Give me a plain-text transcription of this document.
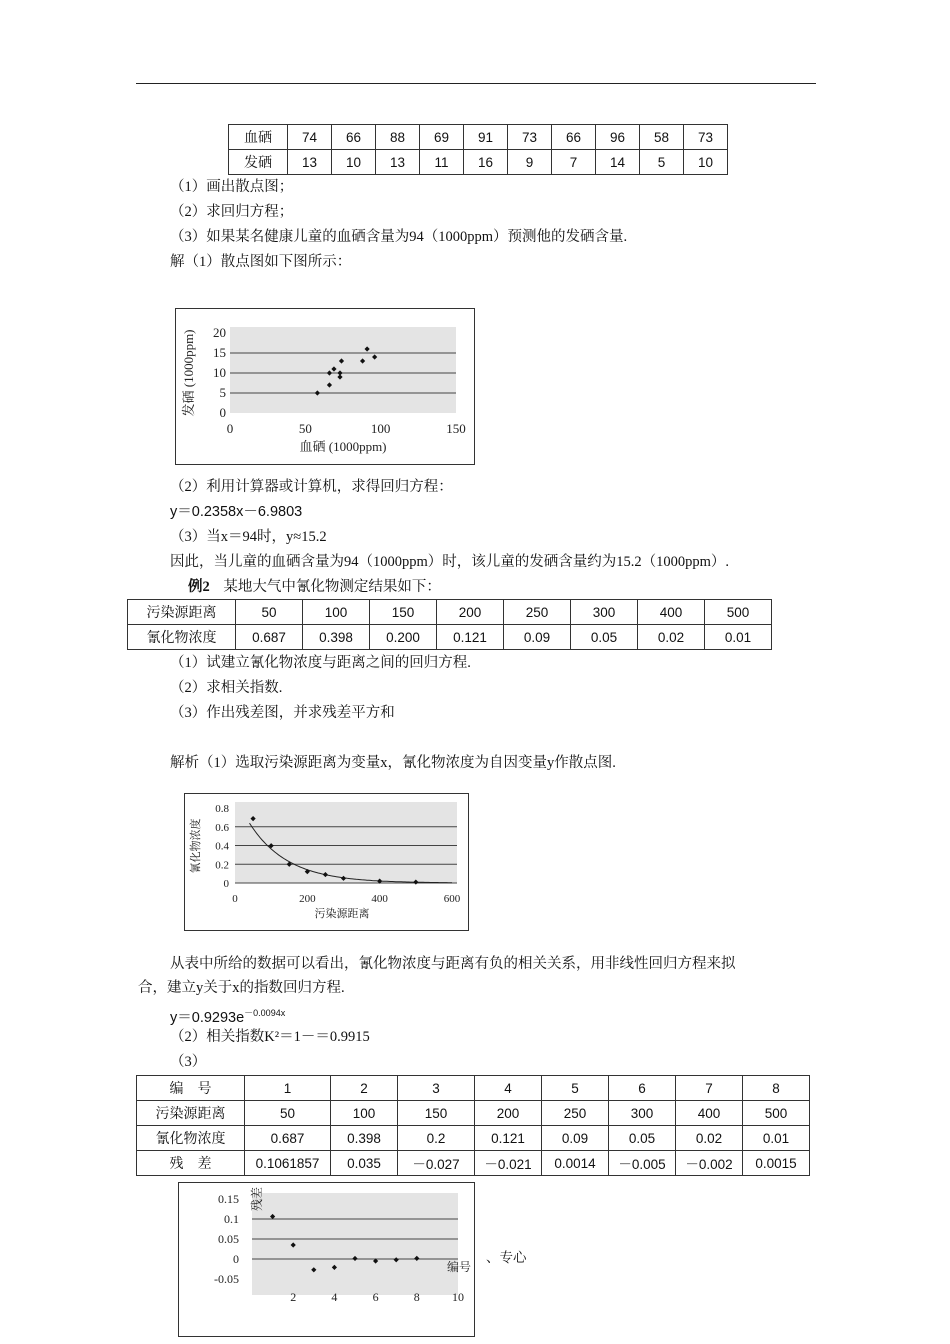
血硒	74	66	88	69	91	73	66	96	58	73
发硒	13	10	13	11	16	9	7	14	5	10
（1）画出散点图；
（2）求回归方程；
（3）如果某名健康儿童的血硒含量为94（1000ppm）预测他的发硒含量.
解（1）散点图如下图所示：
20
15
10
5
0
0	50	100	150
发硒 (1000ppm)
血硒 (1000ppm)
（2）利用计算器或计算机，求得回归方程：
y＝0.2358x－6.9803
（3）当x＝94时，y≈15.2
因此，当儿童的血硒含量为94（1000ppm）时，该儿童的发硒含量约为15.2（1000ppm）.
例2 某地大气中氰化物测定结果如下：
污染源距离	50	100	150	200	250	300	400	500
氰化物浓度	0.687	0.398	0.200	0.121	0.09	0.05	0.02	0.01
（1）试建立氰化物浓度与距离之间的回归方程.
（2）求相关指数.
（3）作出残差图，并求残差平方和
解析（1）选取污染源距离为变量x，氰化物浓度为自因变量y作散点图.
0.8
0.6
0.4
0.2
0
0	200	400	600
氰化物浓度
污染源距离
从表中所给的数据可以看出，氰化物浓度与距离有负的相关关系，用非线性回归方程来拟
合，建立y关于x的指数回归方程.
$y=0.9293e^{-0.0094x}$
（2）相关指数K²＝1－＝0.9915
（3）
编　号	1	2	3	4	5	6	7	8
污染源距离	50	100	150	200	250	300	400	500
氰化物浓度	0.687	0.398	0.2	0.121	0.09	0.05	0.02	0.01
残　差	0.1061857	0.035	－0.027	－0.021	0.0014	－0.005	－0.002	0.0015
0.15
0.1
0.05
0
-0.05
2	4	6	8	10
残差
编号
、专心
